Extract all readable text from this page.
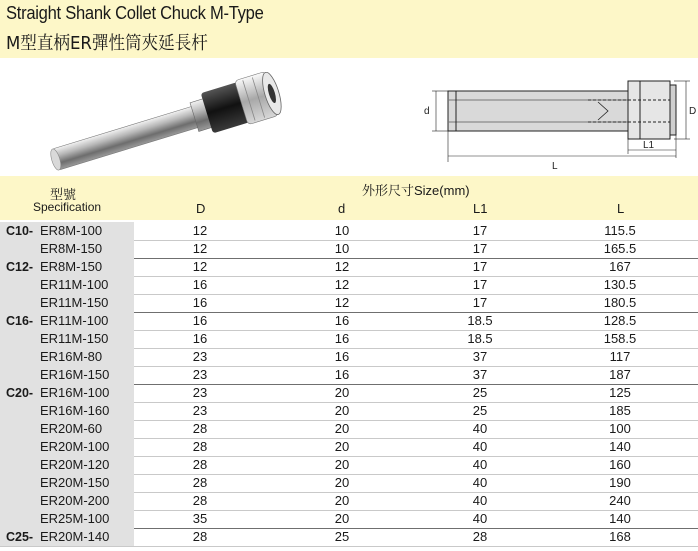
Straight Shank Collet Chuck M-Type
M型直柄ER彈性筒夾延長杆
d	D
L1
L
型號
Specification
外形尺寸Size(mm)
D	d	L1	L
C10- ER8M-100	12	10	17	115.5
ER8M-150	12	10	17	165.5
C12- ER8M-150	12	12	17	167
ER11M-100	16	12	17	130.5
ER11M-150	16	12	17	180.5
C16- ER11M-100	16	16	18.5	128.5
ER11M-150	16	16	18.5	158.5
ER16M-80	23	16	37	117
ER16M-150	23	16	37	187
C20- ER16M-100	23	20	25	125
ER16M-160	23	20	25	185
ER20M-60	28	20	40	100
ER20M-100	28	20	40	140
ER20M-120	28	20	40	160
ER20M-150	28	20	40	190
ER20M-200	28	20	40	240
ER25M-100	35	20	40	140
C25- ER20M-140	28	25	28	168
